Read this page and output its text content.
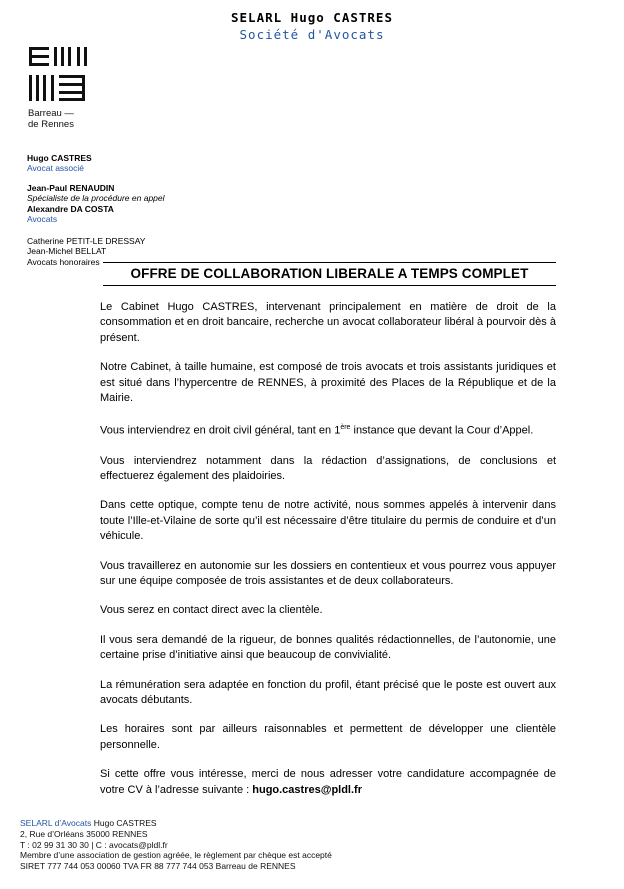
SELARL Hugo CASTRES
Société d'Avocats
Barreau —
de Rennes
Hugo CASTRES
Avocat associé
Jean-Paul RENAUDIN
Spécialiste de la procédure en appel
Alexandre DA COSTA
Avocats
Catherine PETIT-LE DRESSAY
Jean-Michel BELLAT
Avocats honoraires
OFFRE DE COLLABORATION LIBERALE A TEMPS COMPLET

Le Cabinet Hugo CASTRES, intervenant principalement en matière de droit de la consommation et en droit bancaire, recherche un avocat collaborateur libéral à pourvoir dès à présent.

Notre Cabinet, à taille humaine, est composé de trois avocats et trois assistants juridiques et est situé dans l’hypercentre de RENNES, à proximité des Places de la République et de la Mairie.

Vous interviendrez en droit civil général, tant en 1ère instance que devant la Cour d’Appel.

Vous interviendrez notamment dans la rédaction d’assignations, de conclusions et effectuerez également des plaidoiries.

Dans cette optique, compte tenu de notre activité, nous sommes appelés à intervenir dans toute l’Ille-et-Vilaine de sorte qu’il est nécessaire d’être titulaire du permis de conduire et d’un véhicule.

Vous travaillerez en autonomie sur les dossiers en contentieux et vous pourrez vous appuyer sur une équipe composée de trois assistantes et de deux collaborateurs.

Vous serez en contact direct avec la clientèle.

Il vous sera demandé de la rigueur, de bonnes qualités rédactionnelles, de l’autonomie, une certaine prise d’initiative ainsi que beaucoup de convivialité.

La rémunération sera adaptée en fonction du profil, étant précisé que le poste est ouvert aux avocats débutants.

Les horaires sont par ailleurs raisonnables et permettent de développer une clientèle personnelle.

Si cette offre vous intéresse, merci de nous adresser votre candidature accompagnée de votre CV à l’adresse suivante : hugo.castres@pldl.fr

SELARL d’Avocats Hugo CASTRES
2, Rue d’Orléans 35000 RENNES
T : 02 99 31 30 30 | C : avocats@pldl.fr
Membre d’une association de gestion agréée, le règlement par chèque est accepté
SIRET 777 744 053 00060 TVA FR 88 777 744 053 Barreau de RENNES
